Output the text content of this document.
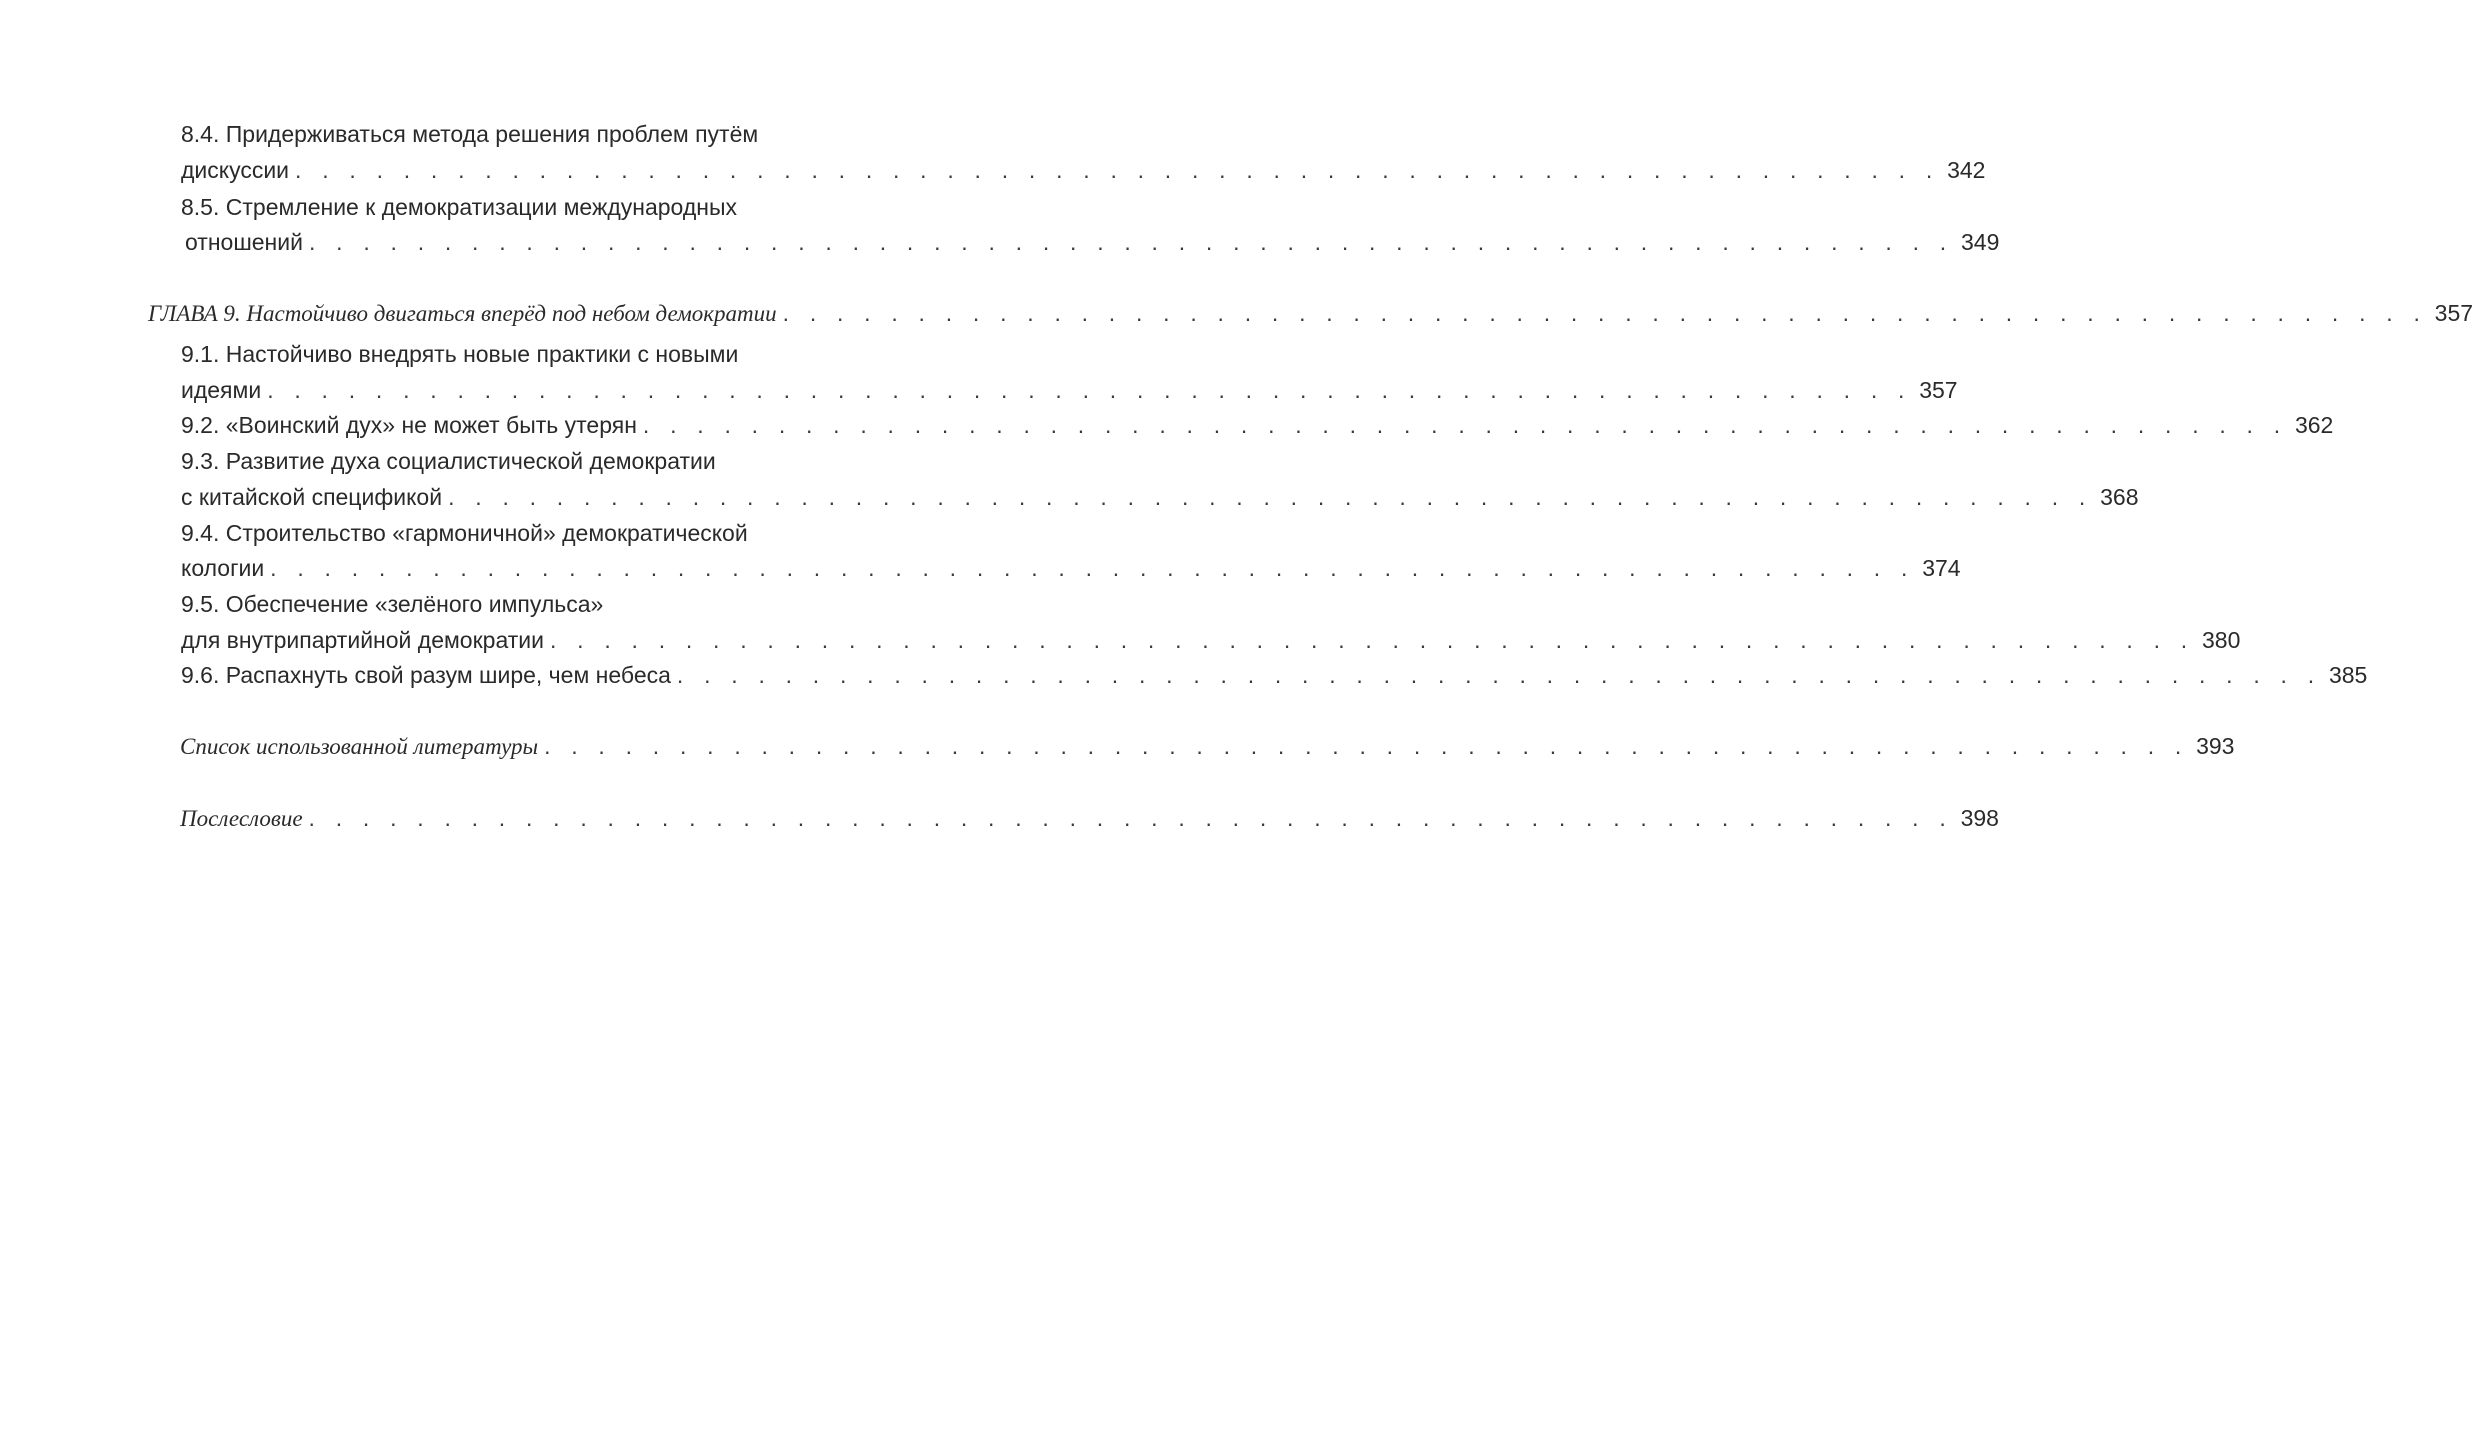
8.4. Придерживаться метода решения проблем путём
дискуссии . . . . . . . . . . . . . . . . . . . . . . . . . . . . . . . . . . . . . . . . . . . . . . . . . . . . . . . . . . . . . 342
8.5. Стремление к демократизации международных
отношений . . . . . . . . . . . . . . . . . . . . . . . . . . . . . . . . . . . . . . . . . . . . . . . . . . . . . . . . . . . . . 349
ГЛАВА 9. Настойчиво двигаться вперёд под небом демократии . . . . . . . . . . . . . . . . . . . . . . . . . . . . . . . . . . . . . . . . . . . . . . . . . . . . . . . . . . . . . 357
9.1. Настойчиво внедрять новые практики с новыми
идеями . . . . . . . . . . . . . . . . . . . . . . . . . . . . . . . . . . . . . . . . . . . . . . . . . . . . . . . . . . . . . 357
9.2. «Воинский дух» не может быть утерян . . . . . . . . . . . . . . . . . . . . . . . . . . . . . . . . . . . . . . . . . . . . . . . . . . . . . . . . . . . . . 362
9.3. Развитие духа социалистической демократии
с китайской спецификой . . . . . . . . . . . . . . . . . . . . . . . . . . . . . . . . . . . . . . . . . . . . . . . . . . . . . . . . . . . . . 368
9.4. Строительство «гармоничной» демократической
кологии . . . . . . . . . . . . . . . . . . . . . . . . . . . . . . . . . . . . . . . . . . . . . . . . . . . . . . . . . . . . . 374
9.5. Обеспечение «зелёного импульса»
для внутрипартийной демократии . . . . . . . . . . . . . . . . . . . . . . . . . . . . . . . . . . . . . . . . . . . . . . . . . . . . . . . . . . . . . 380
9.6. Распахнуть свой разум шире, чем небеса . . . . . . . . . . . . . . . . . . . . . . . . . . . . . . . . . . . . . . . . . . . . . . . . . . . . . . . . . . . . . 385
Список использованной литературы . . . . . . . . . . . . . . . . . . . . . . . . . . . . . . . . . . . . . . . . . . . . . . . . . . . . . . . . . . . . . 393
Послесловие . . . . . . . . . . . . . . . . . . . . . . . . . . . . . . . . . . . . . . . . . . . . . . . . . . . . . . . . . . . . . 398
